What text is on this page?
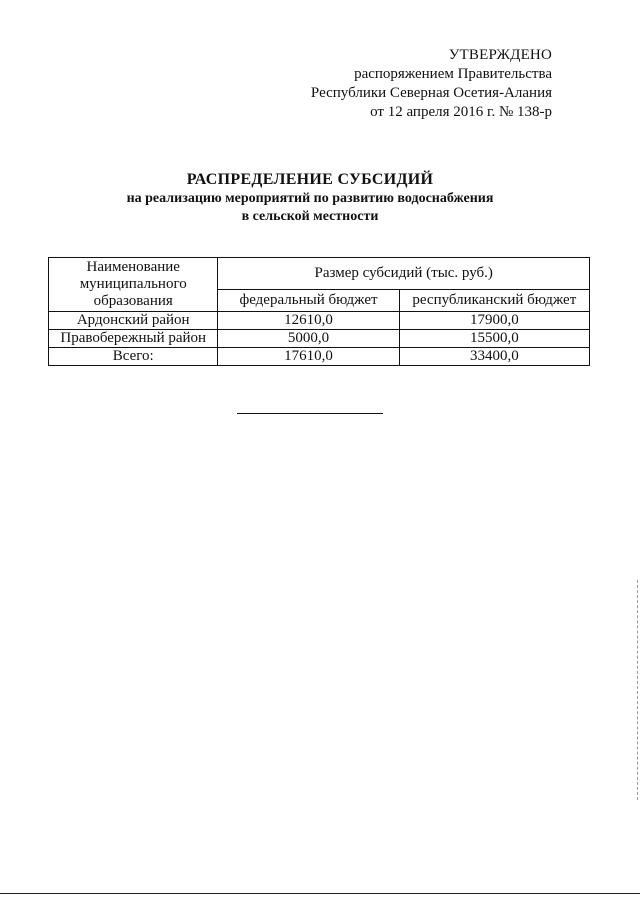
УТВЕРЖДЕНО
распоряжением Правительства
Республики Северная Осетия-Алания
от 12 апреля 2016 г. № 138-р
РАСПРЕДЕЛЕНИЕ СУБСИДИЙ
на реализацию мероприятий по развитию водоснабжения
в сельской местности
Наименование муниципального образования	Размер субсидий (тыс. руб.)	
	федеральный бюджет	республиканский бюджет
Ардонский район	12610,0	17900,0
Правобережный район	5000,0	15500,0
Всего:	17610,0	33400,0
